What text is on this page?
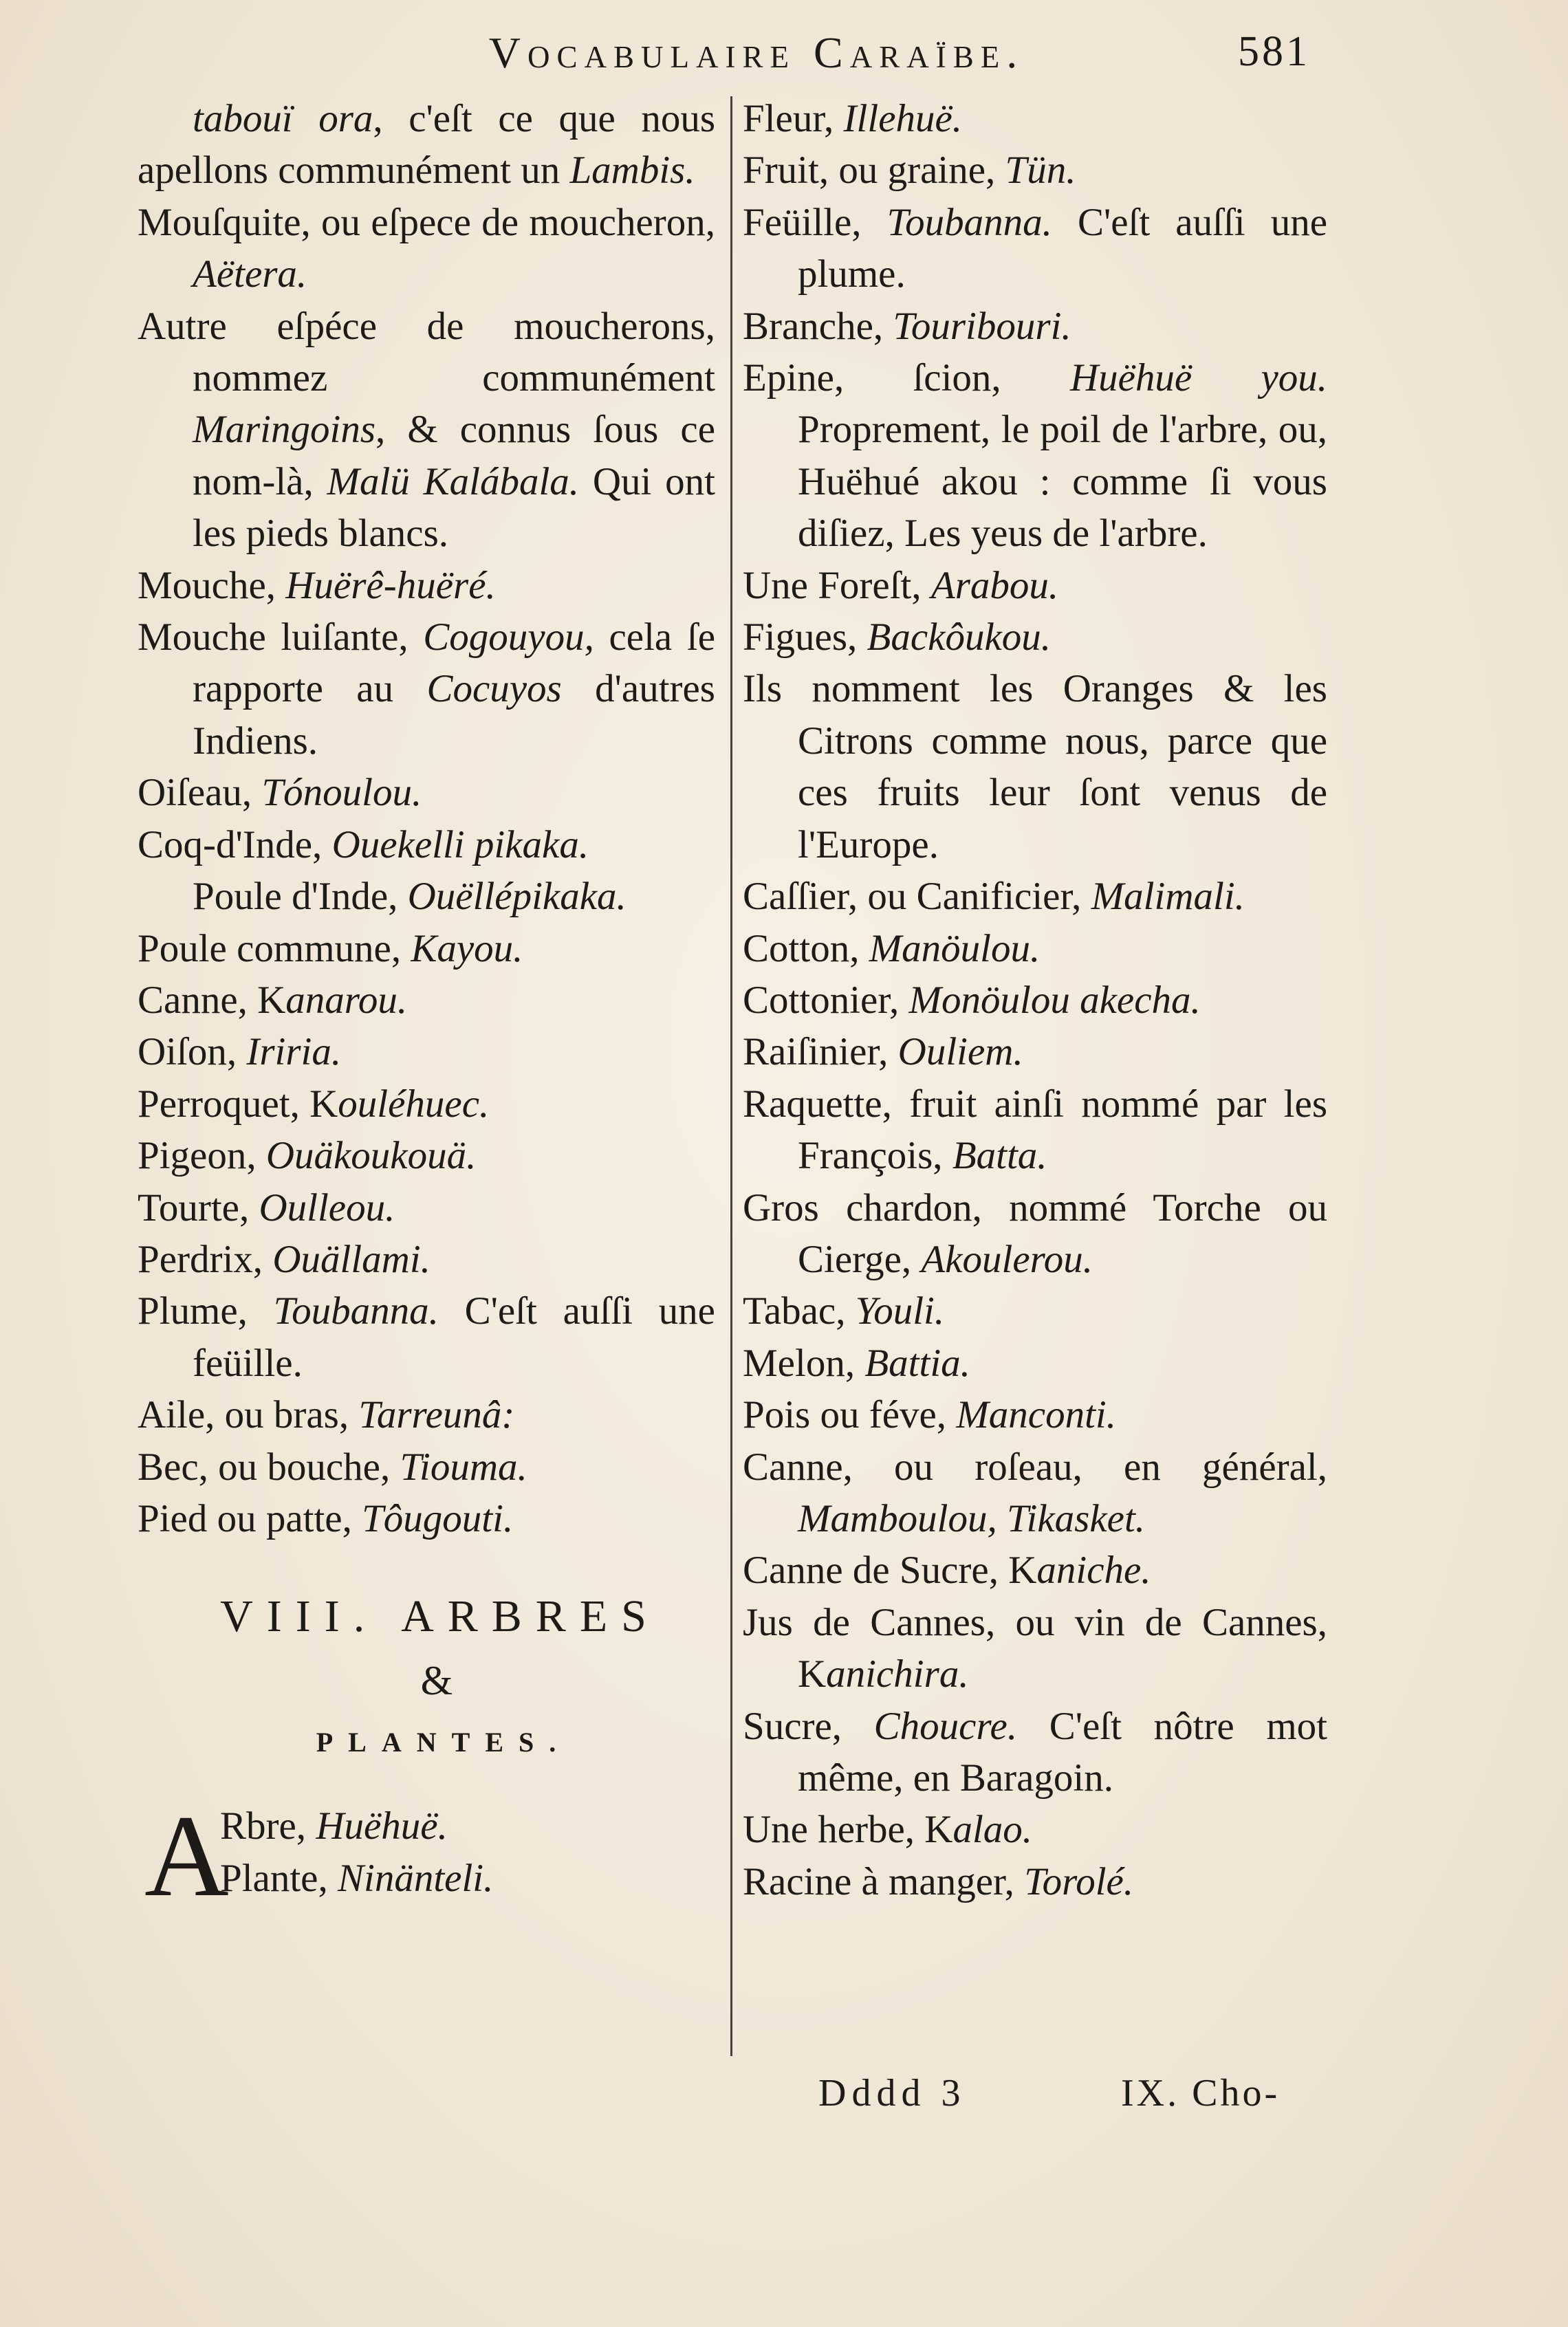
Vocabulaire Caraïbe.	581

tabouï ora, c'eſt ce que nous apellons communément un Lambis.

Mouſquite, ou eſpece de moucheron, Aëtera.

Autre eſpéce de moucherons, nommez communément Maringoins, & connus ſous ce nom-là, Malü Kalábala. Qui ont les pieds blancs.

Mouche, Huërê-huëré.

Mouche luiſante, Cogouyou, cela ſe rapporte au Cocuyos d'autres Indiens.

Oiſeau, Tónoulou.

Coq-d'Inde, Ouekelli pikaka.

Poule d'Inde, Ouëllépikaka.

Poule commune, Kayou.

Canne, Kanarou.

Oiſon, Iriria.

Perroquet, Kouléhuec.

Pigeon, Ouäkoukouä.

Tourte, Oulleou.

Perdrix, Ouällami.

Plume, Toubanna. C'eſt auſſi une feüille.

Aile, ou bras, Tarreunâ:

Bec, ou bouche, Tiouma.

Pied ou patte, Tôugouti.

VIII. ARBRES
&
PLANTES.
A

Rbre, Huëhuë.

Plante, Ninänteli.

Fleur, Illehuë.

Fruit, ou graine, Tün.

Feüille, Toubanna. C'eſt auſſi une plume.

Branche, Touribouri.

Epine, ſcion, Huëhuë you. Proprement, le poil de l'arbre, ou, Huëhué akou : comme ſi vous diſiez, Les yeus de l'arbre.

Une Foreſt, Arabou.

Figues, Backôukou.

Ils nomment les Oranges & les Citrons comme nous, parce que ces fruits leur ſont venus de l'Europe.

Caſſier, ou Canificier, Malimali.

Cotton, Manöulou.

Cottonier, Monöulou akecha.

Raiſinier, Ouliem.

Raquette, fruit ainſi nommé par les François, Batta.

Gros chardon, nommé Torche ou Cierge, Akoulerou.

Tabac, Youli.

Melon, Battia.

Pois ou féve, Manconti.

Canne, ou roſeau, en général, Mamboulou, Tikasket.

Canne de Sucre, Kaniche.

Jus de Cannes, ou vin de Cannes, Kanichira.

Sucre, Choucre. C'eſt nôtre mot même, en Baragoin.

Une herbe, Kalao.

Racine à manger, Torolé.

Dddd 3	IX. Cho-
